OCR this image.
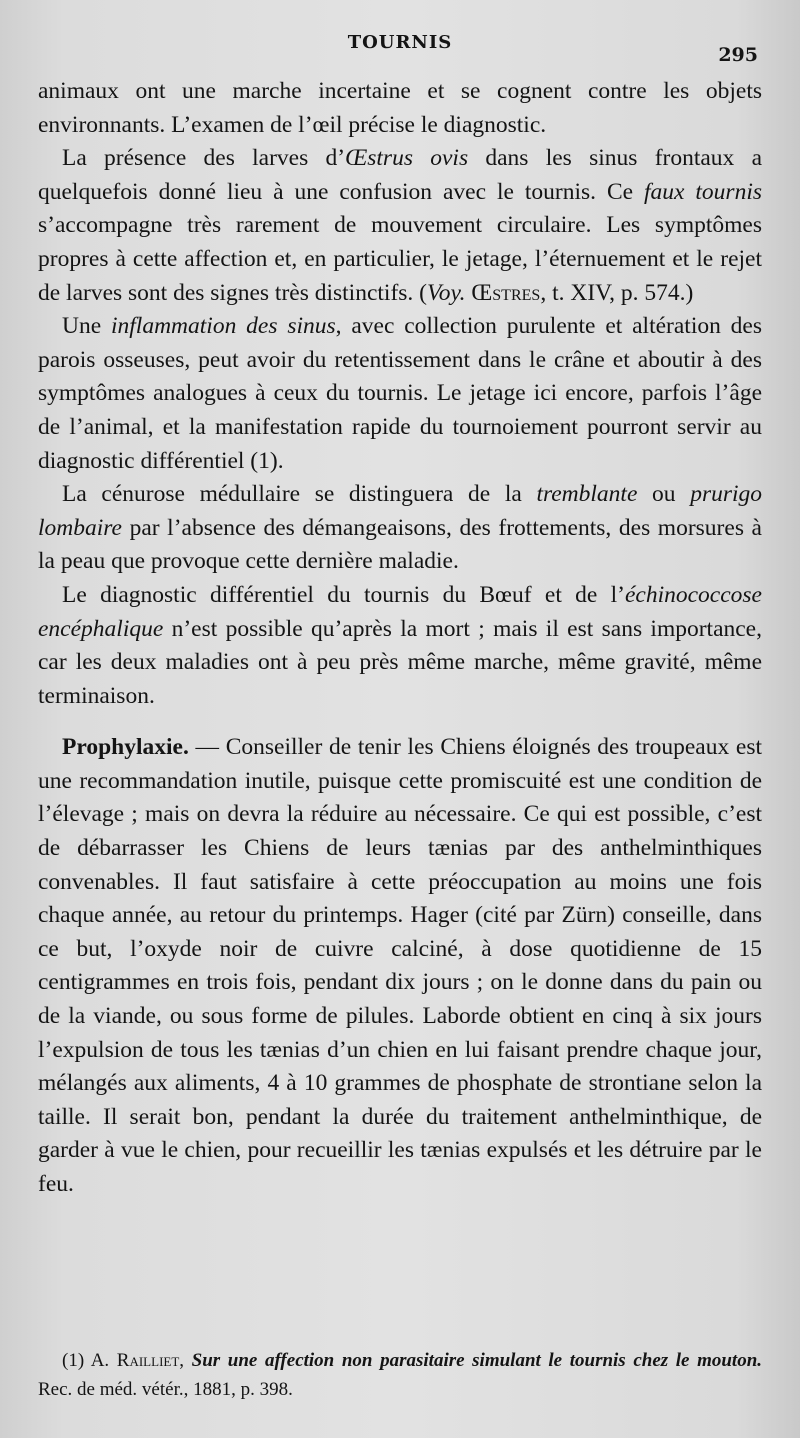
TOURNIS
295

animaux ont une marche incertaine et se cognent contre les objets environnants. L’examen de l’œil précise le diagnostic.

La présence des larves d’Œstrus ovis dans les sinus frontaux a quelquefois donné lieu à une confusion avec le tournis. Ce faux tournis s’accompagne très rarement de mouvement circulaire. Les symptômes propres à cette affection et, en particulier, le jetage, l’éternuement et le rejet de larves sont des signes très distinctifs. (Voy. Œstres, t. XIV, p. 574.)

Une inflammation des sinus, avec collection purulente et altération des parois osseuses, peut avoir du retentissement dans le crâne et aboutir à des symptômes analogues à ceux du tournis. Le jetage ici encore, parfois l’âge de l’animal, et la manifestation rapide du tournoiement pourront servir au diagnostic différentiel (1).

La cénurose médullaire se distinguera de la tremblante ou prurigo lombaire par l’absence des démangeaisons, des frottements, des morsures à la peau que provoque cette dernière maladie.

Le diagnostic différentiel du tournis du Bœuf et de l’échinococcose encéphalique n’est possible qu’après la mort ; mais il est sans importance, car les deux maladies ont à peu près même marche, même gravité, même terminaison.

Prophylaxie. — Conseiller de tenir les Chiens éloignés des troupeaux est une recommandation inutile, puisque cette promiscuité est une condition de l’élevage ; mais on devra la réduire au nécessaire. Ce qui est possible, c’est de débarrasser les Chiens de leurs tænias par des anthelminthiques convenables. Il faut satisfaire à cette préoccupation au moins une fois chaque année, au retour du printemps. Hager (cité par Zürn) conseille, dans ce but, l’oxyde noir de cuivre calciné, à dose quotidienne de 15 centigrammes en trois fois, pendant dix jours ; on le donne dans du pain ou de la viande, ou sous forme de pilules. Laborde obtient en cinq à six jours l’expulsion de tous les tænias d’un chien en lui faisant prendre chaque jour, mélangés aux aliments, 4 à 10 grammes de phosphate de strontiane selon la taille. Il serait bon, pendant la durée du traitement anthelminthique, de garder à vue le chien, pour recueillir les tænias expulsés et les détruire par le feu.

(1) A. Railliet, Sur une affection non parasitaire simulant le tournis chez le mouton. Rec. de méd. vétér., 1881, p. 398.
